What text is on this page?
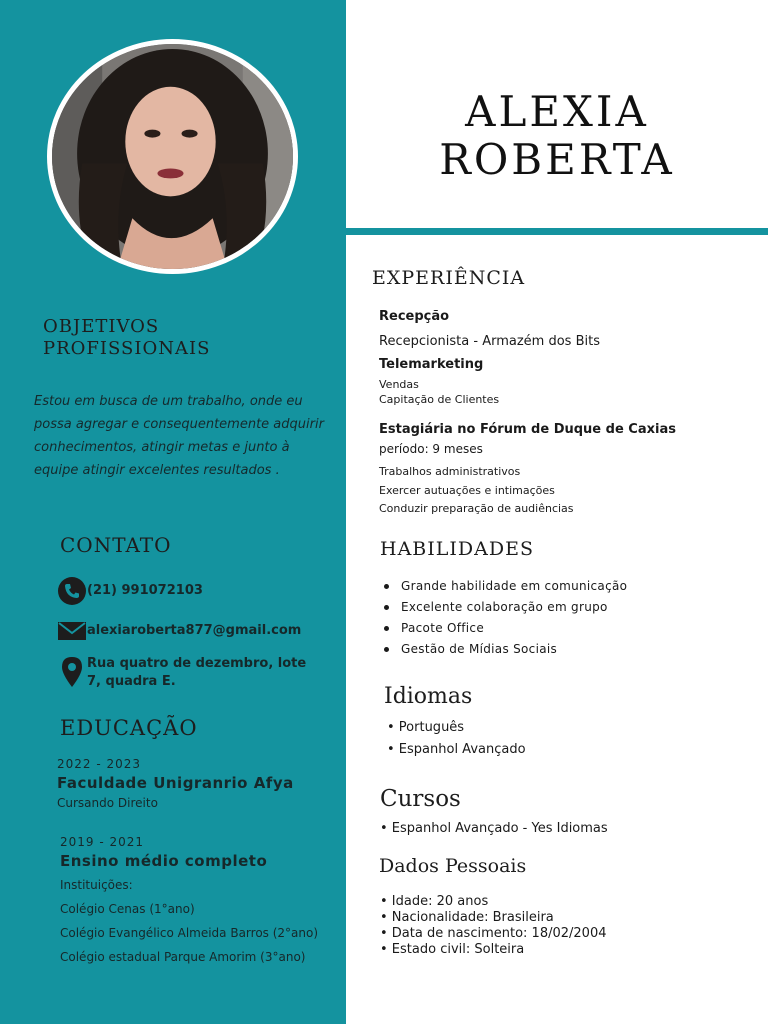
OBJETIVOS
PROFISSIONAIS

Estou em busca de um trabalho, onde eu possa agregar e consequentemente adquirir conhecimentos, atingir metas e junto à equipe atingir excelentes resultados .

CONTATO
(21) 991072103
alexiaroberta877@gmail.com
Rua quatro de dezembro, lote
7, quadra E.
EDUCAÇÃO
2022 - 2023
Faculdade Unigranrio Afya
Cursando Direito
2019 - 2021
Ensino médio completo
Instituições:
Colégio Cenas (1°ano)
Colégio Evangélico Almeida Barros (2°ano)
Colégio estadual Parque Amorim (3°ano)
ALEXIA
ROBERTA
EXPERIÊNCIA
Recepção
Recepcionista - Armazém dos Bits
Telemarketing
Vendas
Capitação de Clientes
Estagiária no Fórum de Duque de Caxias
período: 9 meses
Trabalhos administrativos
Exercer autuações e intimações
Conduzir preparação de audiências
HABILIDADES
Grande habilidade em comunicação
Excelente colaboração em grupo
Pacote Office
Gestão de Mídias Sociais
Idiomas
• Português
• Espanhol Avançado
Cursos
• Espanhol Avançado - Yes Idiomas
Dados Pessoais
• Idade: 20 anos
• Nacionalidade: Brasileira
• Data de nascimento: 18/02/2004
• Estado civil: Solteira
